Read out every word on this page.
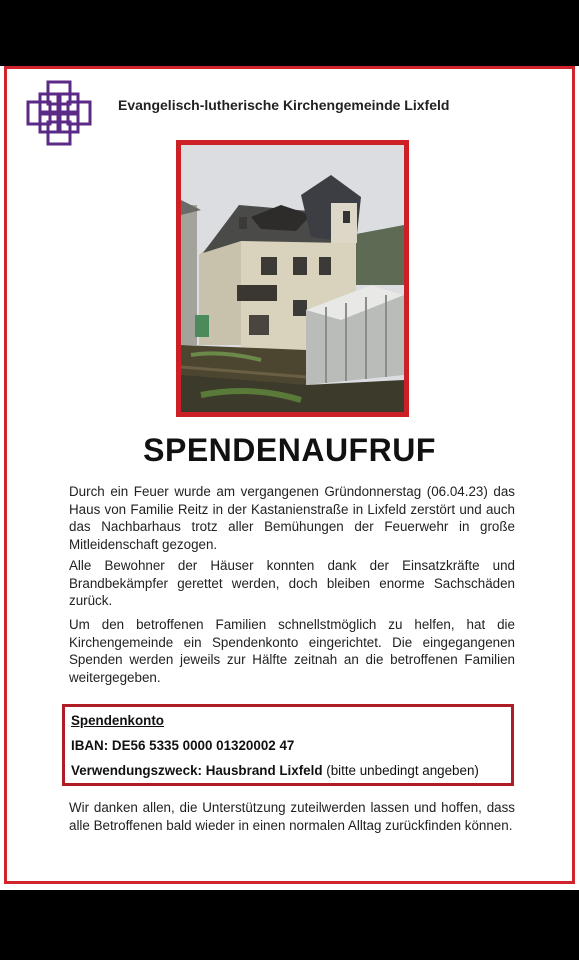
Evangelisch-lutherische Kirchengemeinde Lixfeld
SPENDENAUFRUF

Durch ein Feuer wurde am vergangenen Gründonnerstag (06.04.23) das Haus von Familie Reitz in der Kastanienstraße in Lixfeld zerstört und auch das Nachbarhaus trotz aller Bemühungen der Feuerwehr in große Mitleidenschaft gezogen.

Alle Bewohner der Häuser konnten dank der Einsatzkräfte und Brandbekämpfer gerettet werden, doch bleiben enorme Sachschäden zurück.

Um den betroffenen Familien schnellstmöglich zu helfen, hat die Kirchengemeinde ein Spendenkonto eingerichtet. Die eingegangenen Spenden werden jeweils zur Hälfte zeitnah an die betroffenen Familien weitergegeben.

Spendenkonto
IBAN: DE56 5335 0000 01320002 47
Verwendungszweck: Hausbrand Lixfeld (bitte unbedingt angeben)

Wir danken allen, die Unterstützung zuteilwerden lassen und hoffen, dass alle Betroffenen bald wieder in einen normalen Alltag zurückfinden können.
